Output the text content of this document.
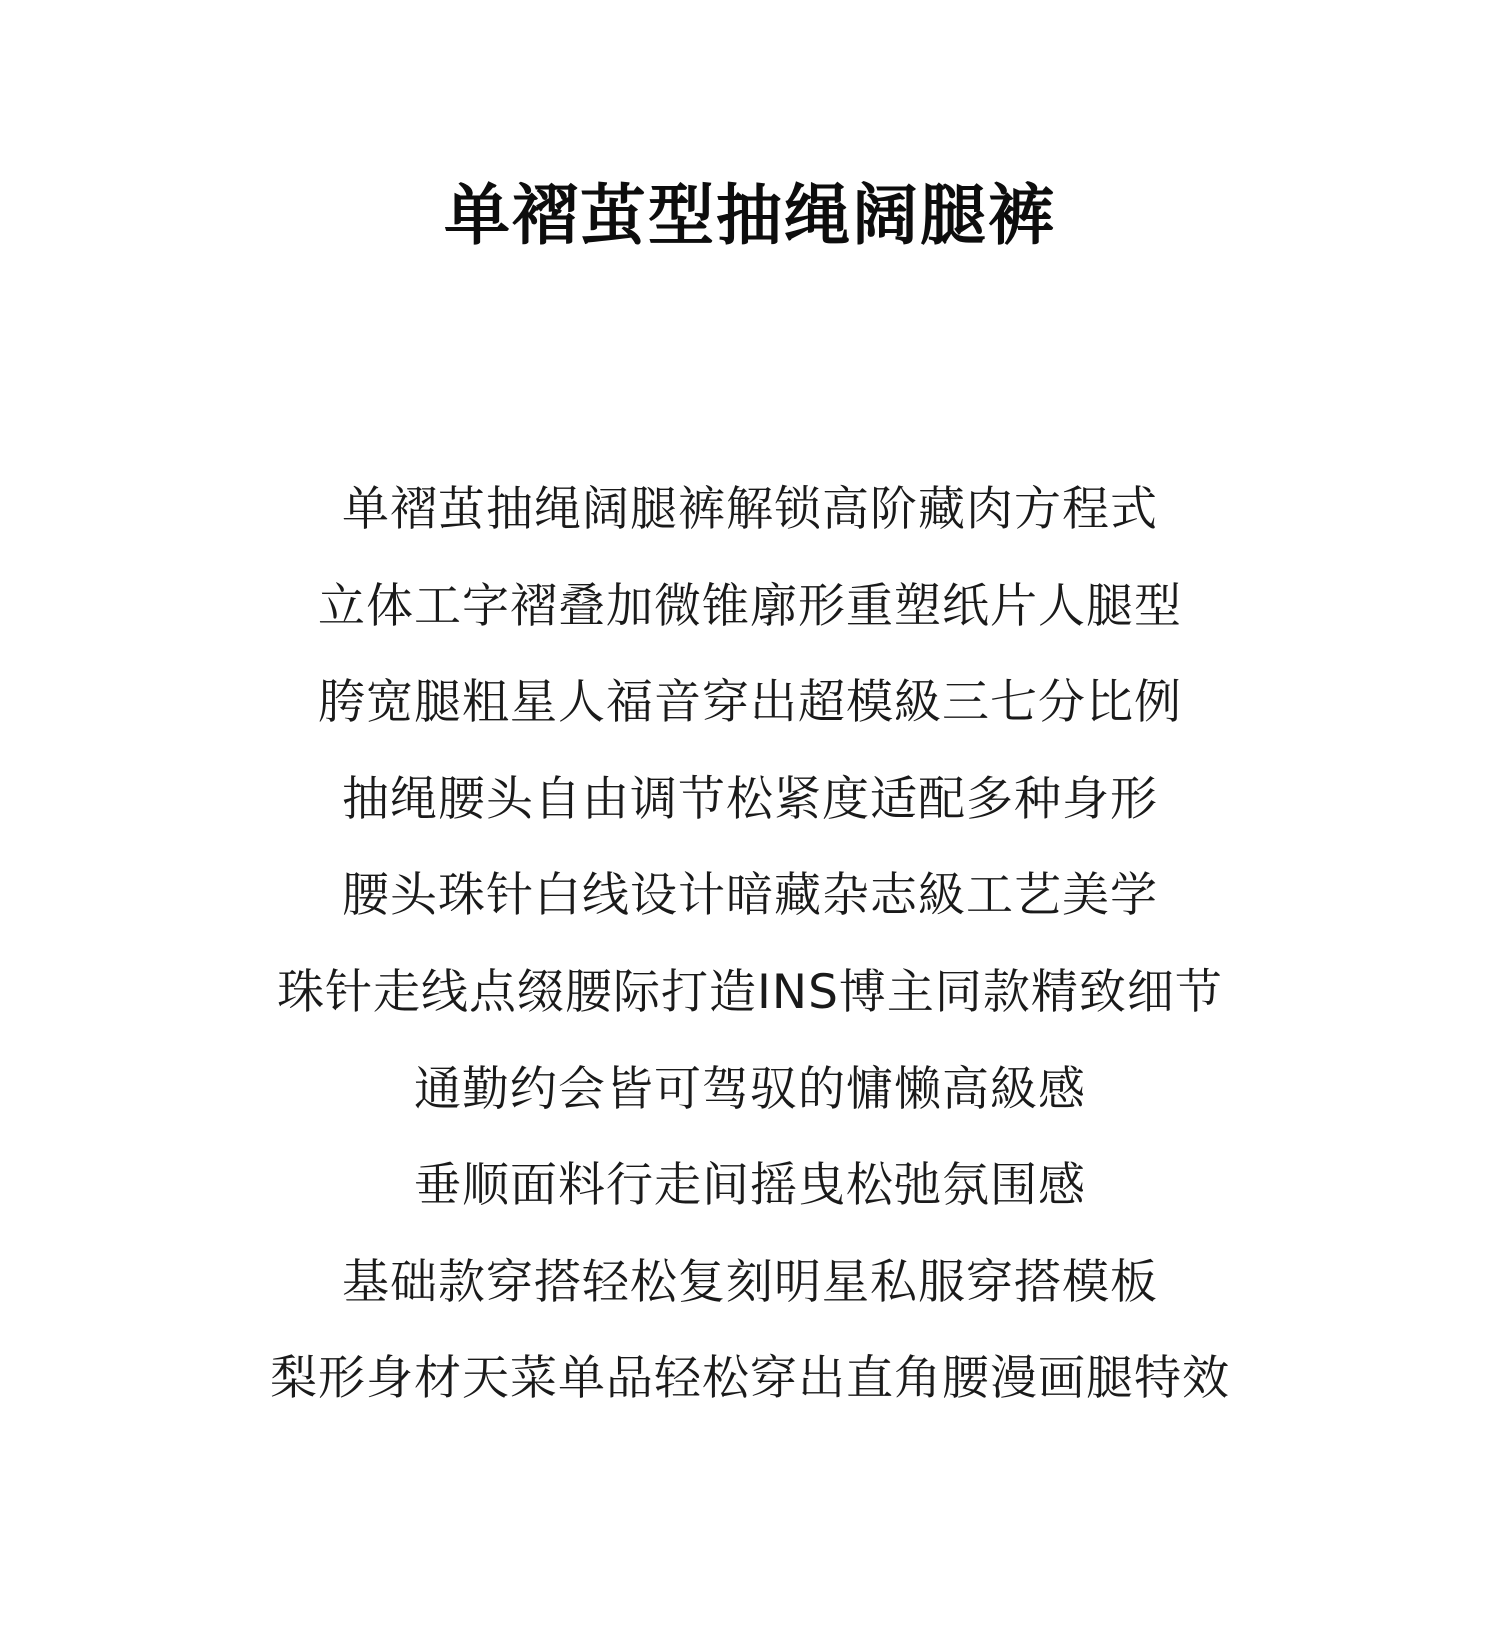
单褶茧型抽绳阔腿裤
单褶茧抽绳阔腿裤解锁高阶藏肉方程式
立体工字褶叠加微锥廓形重塑纸片人腿型
胯宽腿粗星人福音穿出超模級三七分比例
抽绳腰头自由调节松紧度适配多种身形
腰头珠针白线设计暗藏杂志級工艺美学
珠针走线点缀腰际打造INS博主同款精致细节
通勤约会皆可驾驭的慵懒高級感
垂顺面料行走间摇曳松弛氛围感
基础款穿搭轻松复刻明星私服穿搭模板
梨形身材天菜单品轻松穿出直角腰漫画腿特效
